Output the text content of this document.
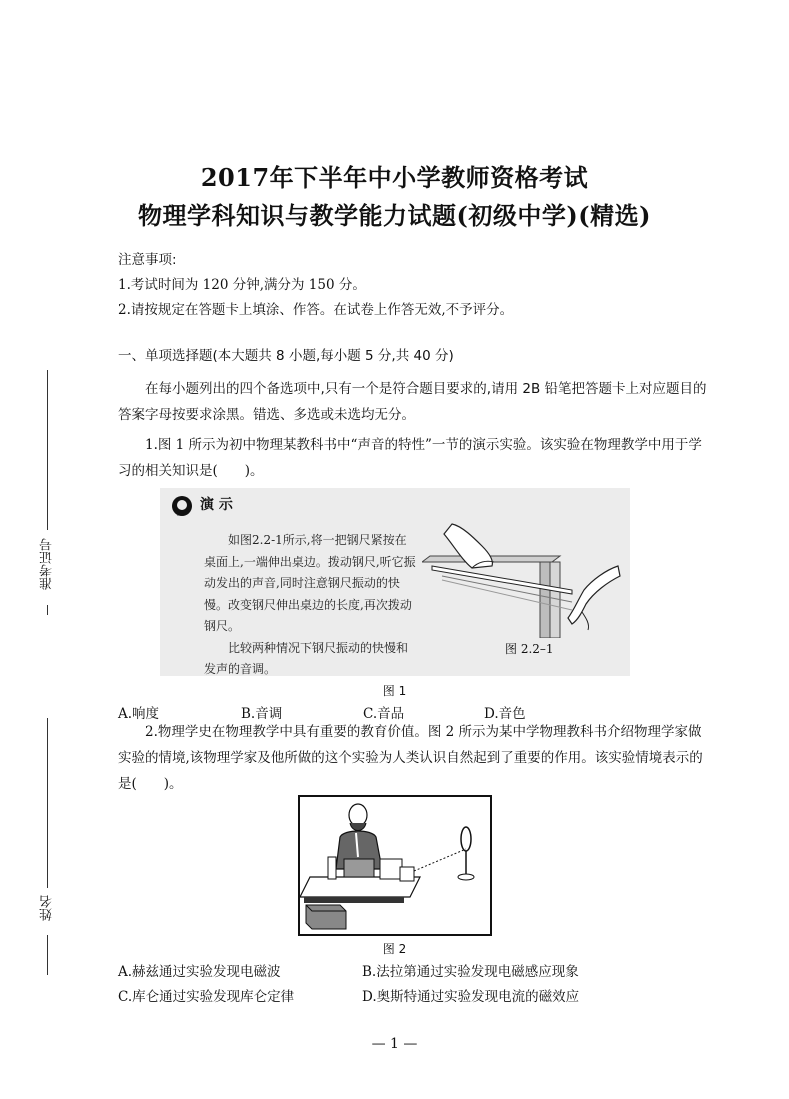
2017年下半年中小学教师资格考试
物理学科知识与教学能力试题(初级中学)(精选)
注意事项:
1.考试时间为 120 分钟,满分为 150 分。
2.请按规定在答题卡上填涂、作答。在试卷上作答无效,不予评分。
一、单项选择题(本大题共 8 小题,每小题 5 分,共 40 分)
在每小题列出的四个备选项中,只有一个是符合题目要求的,请用 2B 铅笔把答题卡上对应题目的答案字母按要求涂黑。错选、多选或未选均无分。
准考证号
姓名
1.图 1 所示为初中物理某教科书中“声音的特性”一节的演示实验。该实验在物理教学中用于学习的相关知识是(　　)。
演 示
如图2.2-1所示,将一把钢尺紧按在桌面上,一端伸出桌边。拨动钢尺,听它振动发出的声音,同时注意钢尺振动的快慢。改变钢尺伸出桌边的长度,再次拨动钢尺。
比较两种情况下钢尺振动的快慢和发声的音调。
图 2.2–1
图 1
A.响度	B.音调	C.音品	D.音色
2.物理学史在物理教学中具有重要的教育价值。图 2 所示为某中学物理教科书介绍物理学家做实验的情境,该物理学家及他所做的这个实验为人类认识自然起到了重要的作用。该实验情境表示的是(　　)。
图 2
A.赫兹通过实验发现电磁波	B.法拉第通过实验发现电磁感应现象
C.库仑通过实验发现库仑定律	D.奥斯特通过实验发现电流的磁效应
— 1 —
